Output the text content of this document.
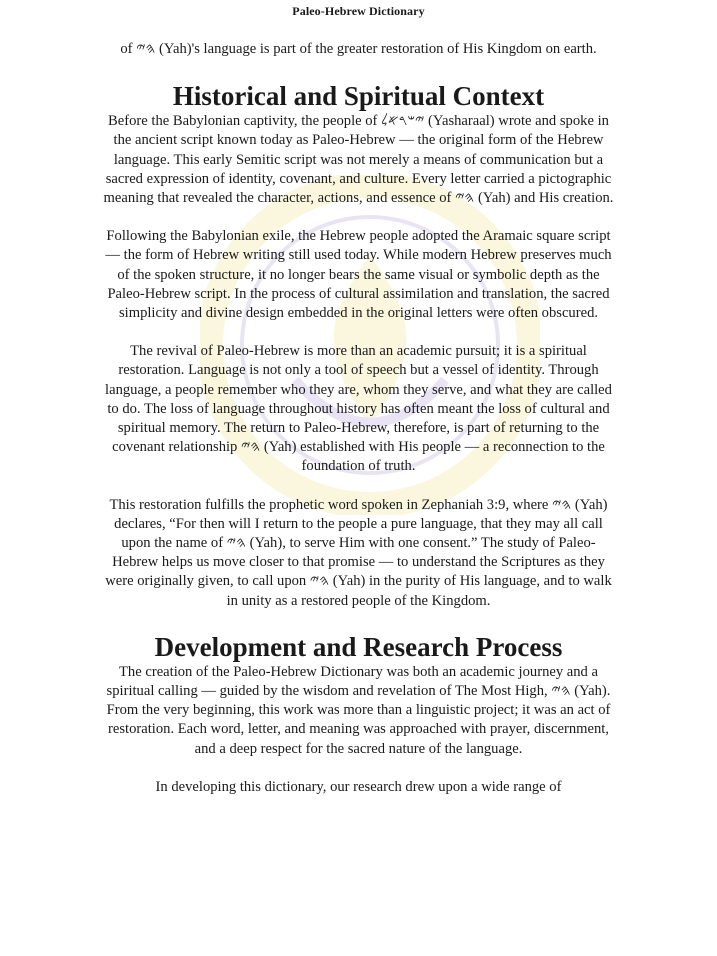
Paleo-Hebrew Dictionary

of 𐤄𐤉 (Yah)'s language is part of the greater restoration of His Kingdom on earth.

Historical and Spiritual Context

Before the Babylonian captivity, the people of 𐤉𐤔𐤓𐤀𐤋 (Yasharaal) wrote and spoke in the ancient script known today as Paleo-Hebrew — the original form of the Hebrew language. This early Semitic script was not merely a means of communication but a sacred expression of identity, covenant, and culture. Every letter carried a pictographic meaning that revealed the character, actions, and essence of 𐤄𐤉 (Yah) and His creation.

Following the Babylonian exile, the Hebrew people adopted the Aramaic square script — the form of Hebrew writing still used today. While modern Hebrew preserves much of the spoken structure, it no longer bears the same visual or symbolic depth as the Paleo-Hebrew script. In the process of cultural assimilation and translation, the sacred simplicity and divine design embedded in the original letters were often obscured.

The revival of Paleo-Hebrew is more than an academic pursuit; it is a spiritual restoration. Language is not only a tool of speech but a vessel of identity. Through language, a people remember who they are, whom they serve, and what they are called to do. The loss of language throughout history has often meant the loss of cultural and spiritual memory. The return to Paleo-Hebrew, therefore, is part of returning to the covenant relationship 𐤄𐤉 (Yah) established with His people — a reconnection to the foundation of truth.

This restoration fulfills the prophetic word spoken in Zephaniah 3:9, where 𐤄𐤉 (Yah) declares, “For then will I return to the people a pure language, that they may all call upon the name of 𐤄𐤉 (Yah), to serve Him with one consent.” The study of Paleo-Hebrew helps us move closer to that promise — to understand the Scriptures as they were originally given, to call upon 𐤄𐤉 (Yah) in the purity of His language, and to walk in unity as a restored people of the Kingdom.

Development and Research Process

The creation of the Paleo-Hebrew Dictionary was both an academic journey and a spiritual calling — guided by the wisdom and revelation of The Most High, 𐤄𐤉 (Yah). From the very beginning, this work was more than a linguistic project; it was an act of restoration. Each word, letter, and meaning was approached with prayer, discernment, and a deep respect for the sacred nature of the language.

In developing this dictionary, our research drew upon a wide range of
